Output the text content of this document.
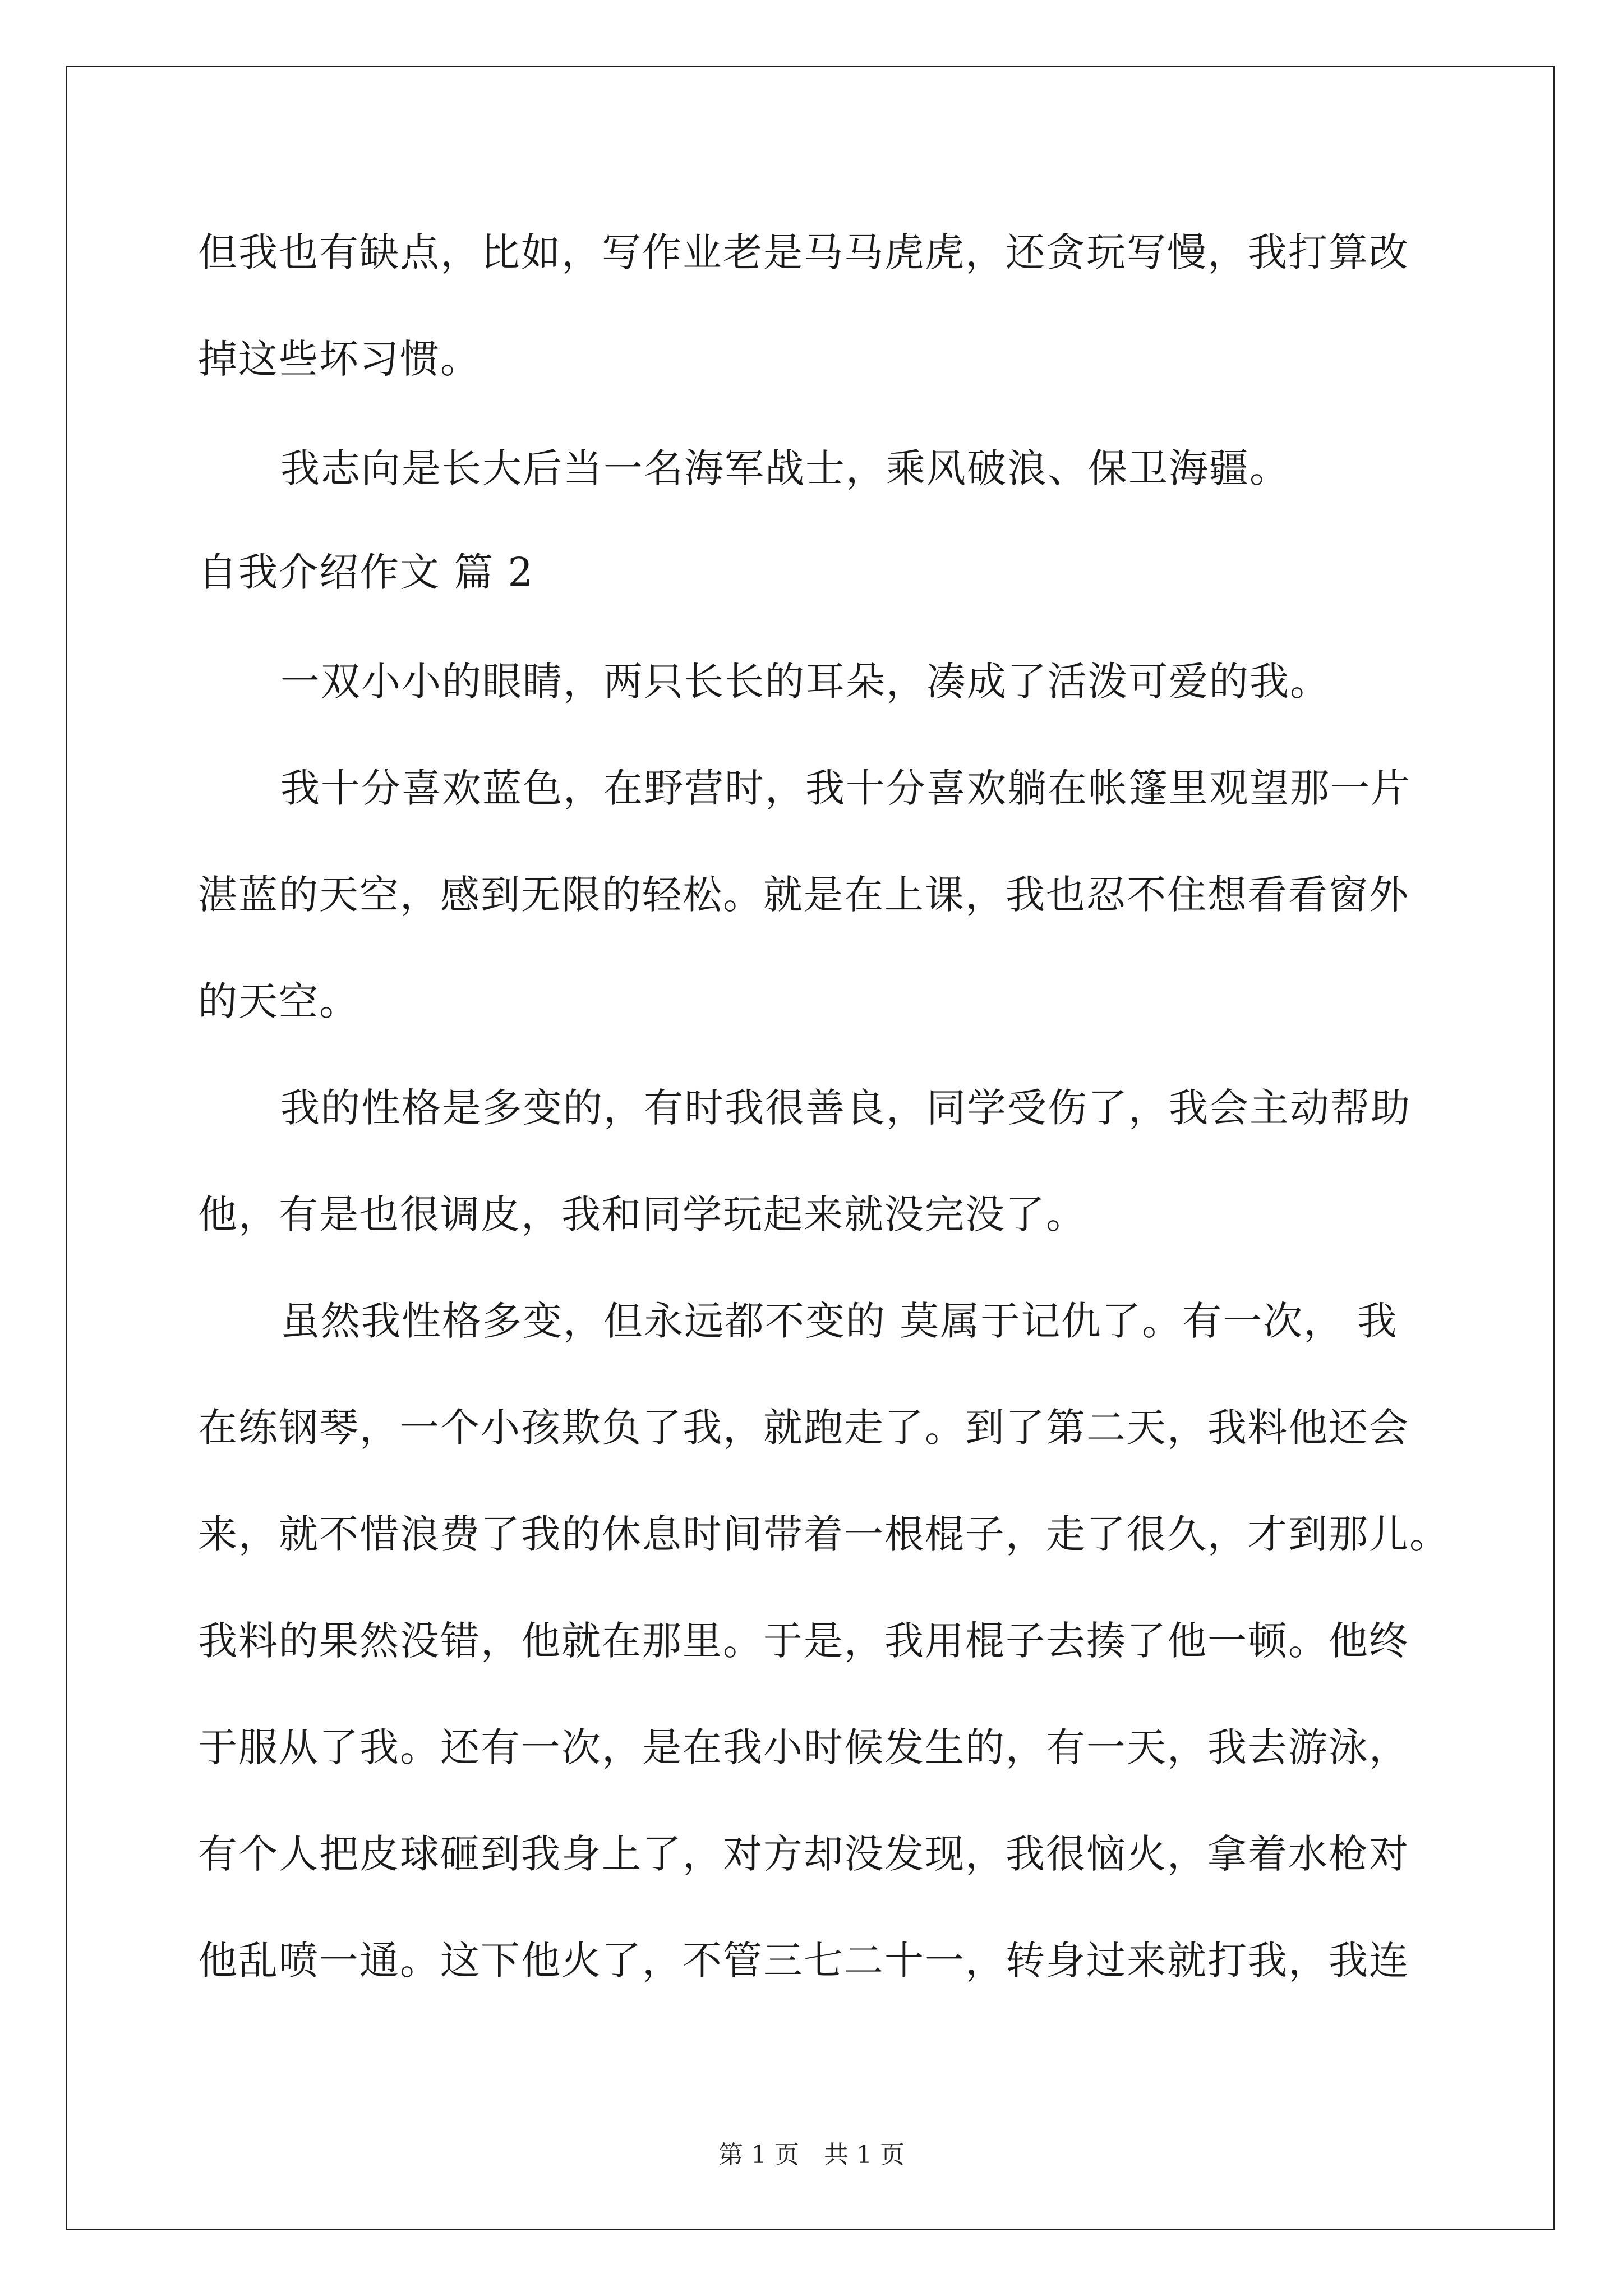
但我也有缺点，比如，写作业老是马马虎虎，还贪玩写慢，我打算改
掉这些坏习惯。
我志向是长大后当一名海军战士，乘风破浪、保卫海疆。
自我介绍作文 篇 2
一双小小的眼睛，两只长长的耳朵，凑成了活泼可爱的我。
我十分喜欢蓝色，在野营时，我十分喜欢躺在帐篷里观望那一片
湛蓝的天空，感到无限的轻松。就是在上课，我也忍不住想看看窗外
的天空。
我的性格是多变的，有时我很善良，同学受伤了，我会主动帮助
他，有是也很调皮，我和同学玩起来就没完没了。
虽然我性格多变，但永远都不变的 莫属于记仇了。有一次， 我
在练钢琴，一个小孩欺负了我，就跑走了。到了第二天，我料他还会
来，就不惜浪费了我的休息时间带着一根棍子，走了很久，才到那儿。
我料的果然没错，他就在那里。于是，我用棍子去揍了他一顿。他终
于服从了我。还有一次，是在我小时候发生的，有一天，我去游泳，
有个人把皮球砸到我身上了，对方却没发现，我很恼火，拿着水枪对
他乱喷一通。这下他火了，不管三七二十一，转身过来就打我，我连
第 1 页　共 1 页
